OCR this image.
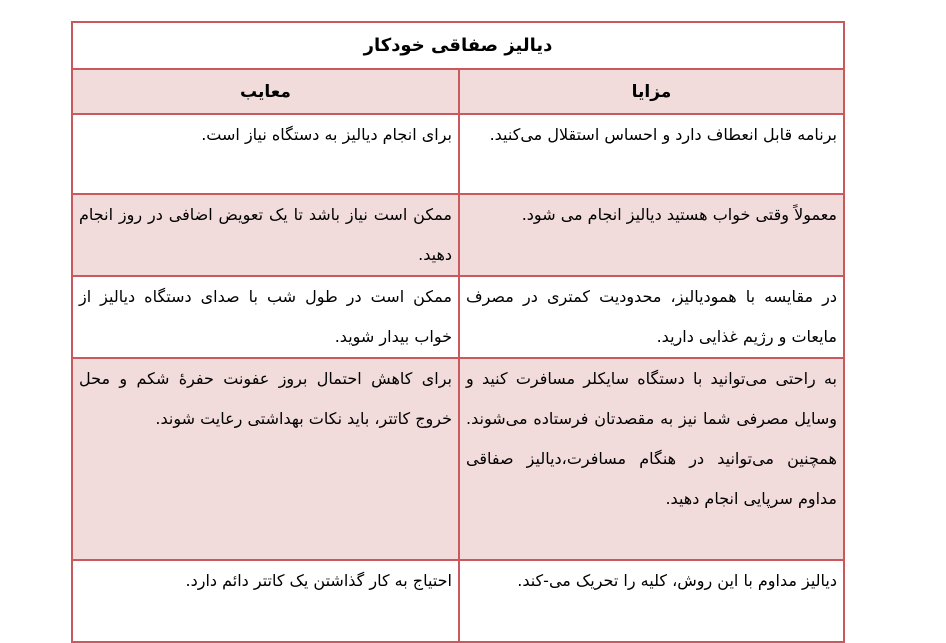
دیالیز صفاقی خودکار	
مزایا	معایب
برنامه قابل انعطاف دارد و احساس استقلال می‌کنید.	برای انجام دیالیز به دستگاه نیاز است.
معمولاً وقتی خواب هستید دیالیز انجام می شود.	ممکن است نیاز باشد تا یک تعویض اضافی در روز انجام دهید.
در مقایسه با همودیالیز، محدودیت کمتری در مصرف مایعات و رژیم غذایی دارید.	ممکن است در طول شب با صدای دستگاه دیالیز از خواب بیدار شوید.
به راحتی می‌توانید با دستگاه سایکلر مسافرت کنید و وسایل مصرفی شما نیز به مقصدتان فرستاده می‌شوند. همچنین می‌توانید در هنگام مسافرت،دیالیز صفاقی مداوم سرپایی انجام دهید.	برای کاهش احتمال بروز عفونت حفرۀ شکم و محل خروج کاتتر، باید نکات بهداشتی رعایت شوند.
دیالیز مداوم با این روش، کلیه را تحریک می-کند.	احتیاج به کار گذاشتن یک کاتتر دائم دارد.
